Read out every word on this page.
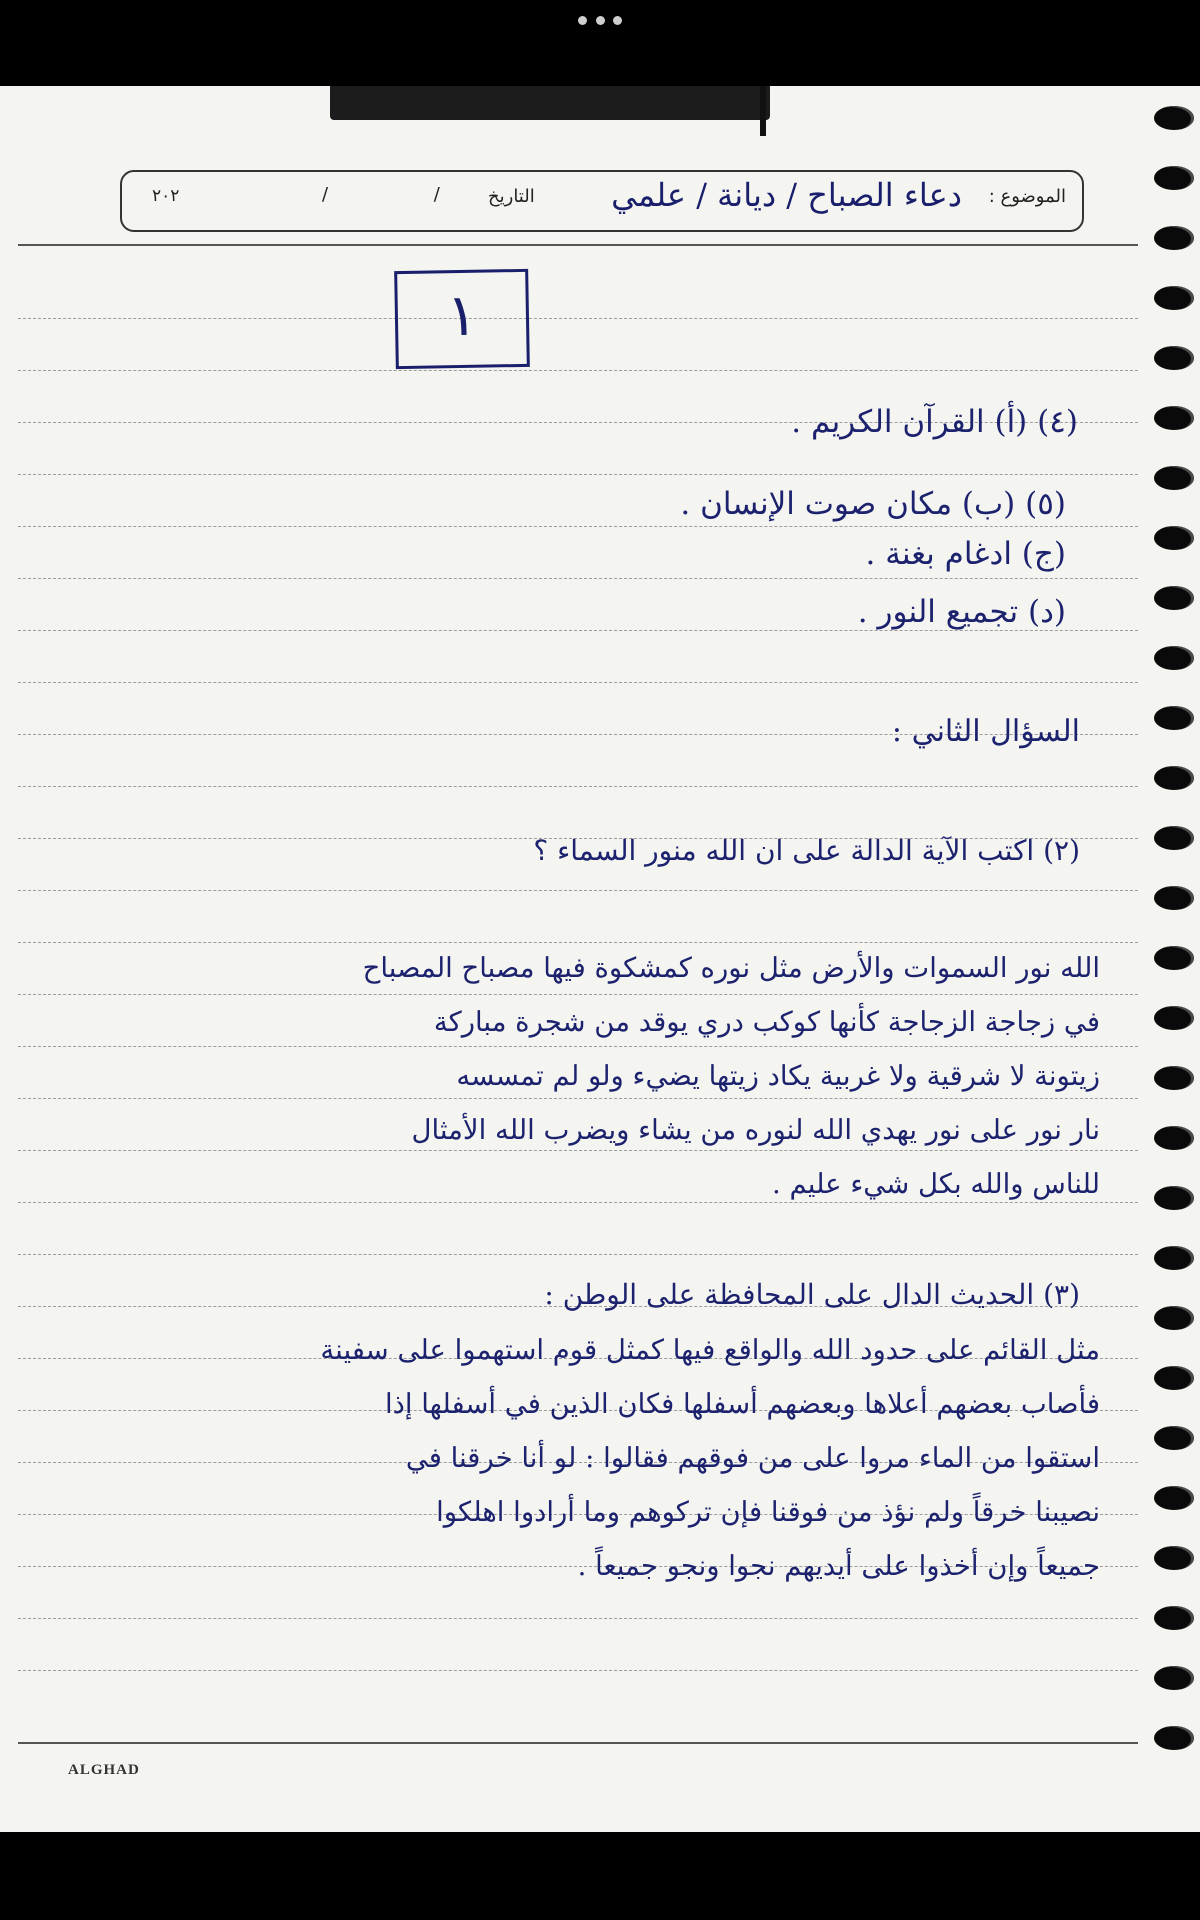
الموضوع :
دعاء الصباح / ديانة / علمي
التاريخ
/ /
٢٠٢
١
(٤) (أ) القرآن الكريم .
(٥) (ب) مكان صوت الإنسان .
(ج) ادغام بغنة .
(د) تجميع النور .
السؤال الثاني :
(٢) اكتب الآية الدالة على ان الله منور السماء ؟
الله نور السموات والأرض مثل نوره كمشكوة فيها مصباح المصباح
في زجاجة الزجاجة كأنها كوكب دري يوقد من شجرة مباركة
زيتونة لا شرقية ولا غربية يكاد زيتها يضيء ولو لم تمسسه
نار نور على نور يهدي الله لنوره من يشاء ويضرب الله الأمثال
للناس والله بكل شيء عليم .
(٣) الحديث الدال على المحافظة على الوطن :
مثل القائم على حدود الله والواقع فيها كمثل قوم استهموا على سفينة
فأصاب بعضهم أعلاها وبعضهم أسفلها فكان الذين في أسفلها إذا
استقوا من الماء مروا على من فوقهم فقالوا : لو أنا خرقنا في
نصيبنا خرقاً ولم نؤذ من فوقنا فإن تركوهم وما أرادوا اهلكوا
جميعاً وإن أخذوا على أيديهم نجوا ونجو جميعاً .
ALGHAD
